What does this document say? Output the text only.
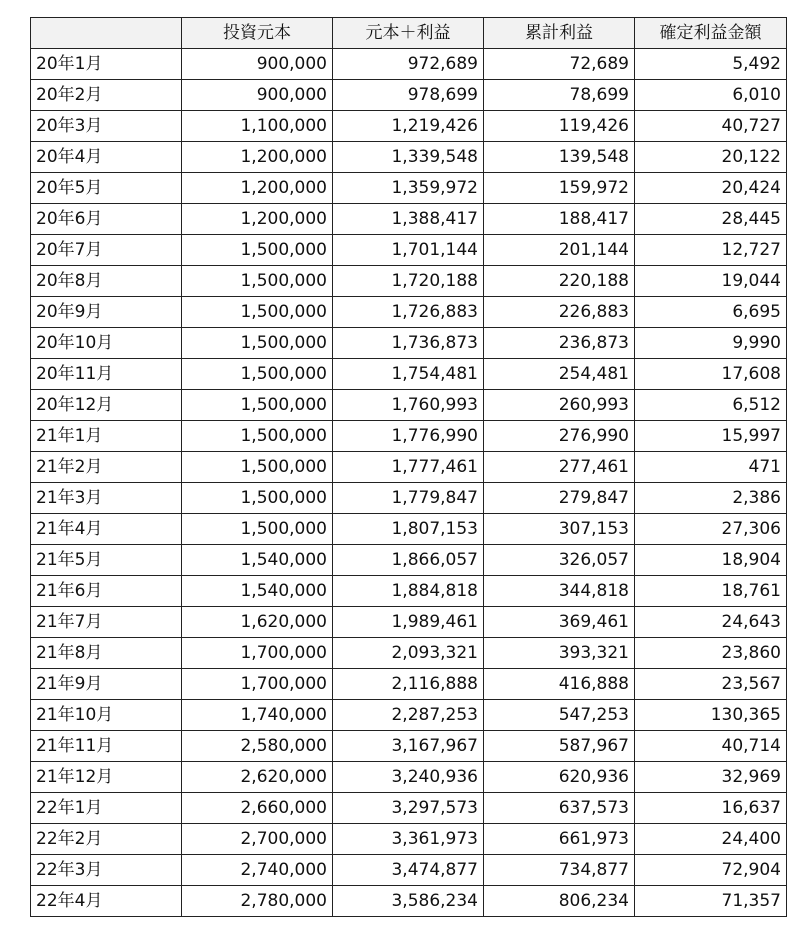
	投資元本	元本＋利益	累計利益	確定利益金額
20年1月	900,000	972,689	72,689	5,492
20年2月	900,000	978,699	78,699	6,010
20年3月	1,100,000	1,219,426	119,426	40,727
20年4月	1,200,000	1,339,548	139,548	20,122
20年5月	1,200,000	1,359,972	159,972	20,424
20年6月	1,200,000	1,388,417	188,417	28,445
20年7月	1,500,000	1,701,144	201,144	12,727
20年8月	1,500,000	1,720,188	220,188	19,044
20年9月	1,500,000	1,726,883	226,883	6,695
20年10月	1,500,000	1,736,873	236,873	9,990
20年11月	1,500,000	1,754,481	254,481	17,608
20年12月	1,500,000	1,760,993	260,993	6,512
21年1月	1,500,000	1,776,990	276,990	15,997
21年2月	1,500,000	1,777,461	277,461	471
21年3月	1,500,000	1,779,847	279,847	2,386
21年4月	1,500,000	1,807,153	307,153	27,306
21年5月	1,540,000	1,866,057	326,057	18,904
21年6月	1,540,000	1,884,818	344,818	18,761
21年7月	1,620,000	1,989,461	369,461	24,643
21年8月	1,700,000	2,093,321	393,321	23,860
21年9月	1,700,000	2,116,888	416,888	23,567
21年10月	1,740,000	2,287,253	547,253	130,365
21年11月	2,580,000	3,167,967	587,967	40,714
21年12月	2,620,000	3,240,936	620,936	32,969
22年1月	2,660,000	3,297,573	637,573	16,637
22年2月	2,700,000	3,361,973	661,973	24,400
22年3月	2,740,000	3,474,877	734,877	72,904
22年4月	2,780,000	3,586,234	806,234	71,357
